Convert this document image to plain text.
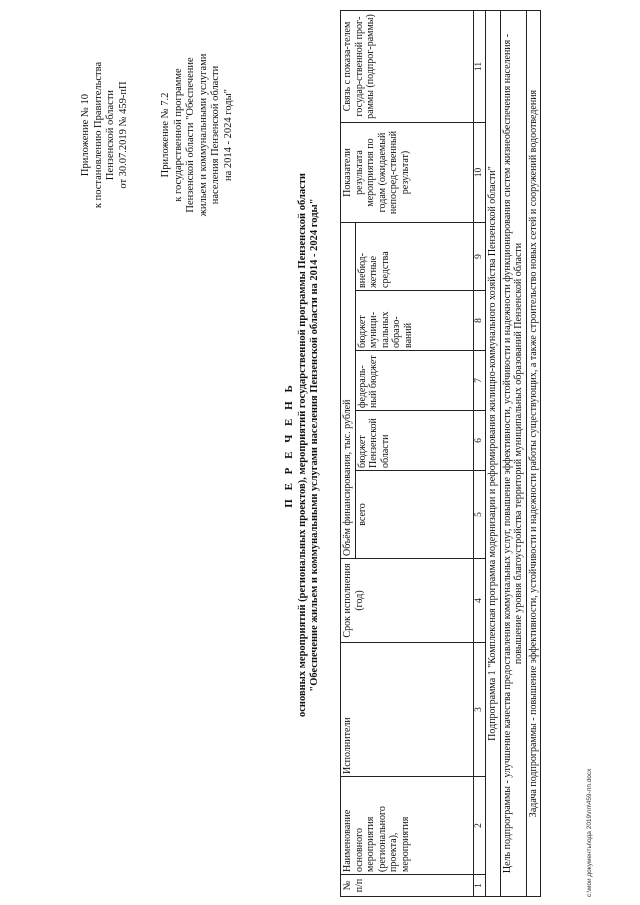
Приложение № 10 к постановлению Правительства Пензенской области от 30.07.2019 № 459-пП	Приложение № 7.2 к государственной программе Пензенской области "Обеспечение жильем и коммунальными услугами населения Пензенской области на 2014 - 2024 годы"
П Е Р Е Ч Е Н Ь основных мероприятий (региональных проектов), мероприятий государственной программы Пензенской области "Обеспечение жильем и коммунальными услугами населения Пензенской области на 2014 - 2024 годы"
№ п/п	Наименование основного мероприятия (регионального проекта), мероприятия	Исполнители	Срок исполнения (год)	Объём финансирования, тыс. рублей					Показатели результата мероприятия по годам (ожидаемый непосред-ственный результат)	Связь с показа-телем государ-ственной прог-раммы (подпрог-раммы)
				всего	бюджет Пензенской области	федераль-ный бюджет	бюджет муници-пальных образо-ваний	внебюд-жетные средства		
1	2	3	4	5	6	7	8	9	10	11
Подпрограмма 1 "Комплексная программа модернизации и реформирования жилищно-коммунального хозяйства Пензенской области"										
Цель подпрограммы - улучшение качества предоставления коммунальных услуг, повышение эффективности, устойчивости и надежности функционирования систем жизнеобеспечения населения - повышение уровня благоустройства территорий муниципальных образований Пензенской области										
Задача подпрограммы - повышение эффективности, устойчивости и надежности работы существующих, а также строительство новых сетей и сооружений водоотведения										
c:\мои документы\ода 2019\пп\459-пп.docx
